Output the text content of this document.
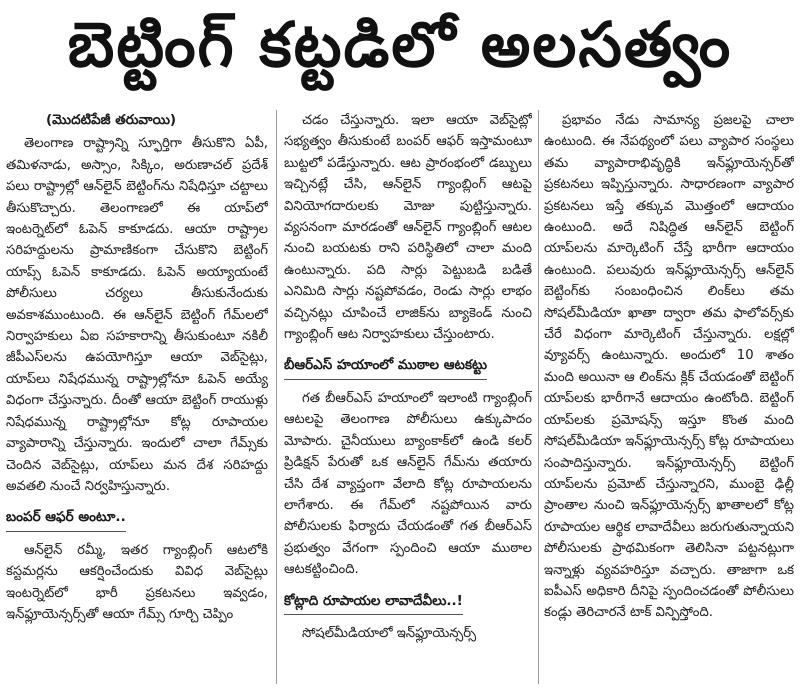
బెట్టింగ్ కట్టడిలో అలసత్వం
(మొదటిపేజీ తరువాయి)

తెలంగాణ రాష్ట్రాన్ని స్ఫూర్తిగా తీసుకొని ఏపీ, తమిళనాడు, అస్సాం, సిక్కిం, అరుణాచల్ ప్రదేశ్ పలు రాష్ట్రాల్లో ఆన్‌లైన్ బెట్టింగ్‌ను నిషేధిస్తూ చట్టాలు తీసుకొచ్చారు. తెలంగాణలో ఈ యాప్‌లో ఇంటర్నెట్‌లో ఓపెన్ కాకూడదు. ఆయా రాష్ట్రాల సరిహద్దులను ప్రామాణికంగా చేసుకొని బెట్టింగ్ యాప్స్ ఓపెన్ కాకూడదు. ఓపెన్ అయ్యాయంటే పోలీసులు చర్యలు తీసుకునేందుకు అవకాశముంటుంది. ఈ ఆన్‌లైన్ బెట్టింగ్ గేమ్‌లలో నిర్వాహకులు ఏఐ సహకారాన్ని తీసుకుంటూ నకిలీ జీపీఎస్‌లను ఉపయోగిస్తూ ఆయా వెబ్‌సైట్లు, యాప్‌లు నిషేధమున్న రాష్ట్రాల్లోనూ ఓపెన్ అయ్యే విధంగా చేస్తున్నారు. దీంతో ఆయా బెట్టింగ్ రాయుళ్లు నిషేధమున్న రాష్ట్రాల్లోనూ కోట్ల రూపాయల వ్యాపారాన్ని చేస్తున్నారు. ఇందులో చాలా గేమ్స్‌కు చెందిన వెబ్‌సైట్లు, యాప్‌లు మన దేశ సరిహద్దు అవతలి నుంచే నిర్వహిస్తున్నారు.

బంపర్ ఆఫర్ అంటూ..

ఆన్‌లైన్ రమ్మీ, ఇతర గ్యాంబ్లింగ్ ఆటలోకి కస్టమర్లను ఆకర్షించేందుకు వివిధ వెబ్‌సైట్లు ఇంటర్నెట్‌లో భారీ ప్రకటనలు ఇవ్వడం, ఇన్‌ఫ్లూయెన్సర్స్‌తో ఆయా గేమ్స్ గూర్చి చెప్పిం

చడం చేస్తున్నారు. ఇలా ఆయా వెబ్‌సైట్లో సభ్యత్వం తీసుకుంటే బంపర్ ఆఫర్ ఇస్తామంటూ బుట్టలో పడేస్తున్నారు. ఆట ప్రారంభంలో డబ్బులు ఇచ్చినట్లే చేసి, ఆన్‌లైన్ గ్యాంబ్లింగ్ ఆటపై వినియోగదారులకు మోజు పుట్టిస్తున్నారు. వ్యసనంగా మారడంతో ఆన్‌లైన్ గ్యాంబ్లింగ్ ఆటల నుంచి బయటకు రాని పరిస్థితిలో చాలా మంది ఉంటున్నారు. పది సార్లు పెట్టుబడి బడితే ఎనిమిది సార్లు నష్టపోవడం, రెండు సార్లు లాభం వచ్చినట్లు చూపించే లాజిక్‌ను బ్యాకెండ్ నుంచి గ్యాంబ్లింగ్ ఆట నిర్వాహకులు చేస్తుంటారు.

బీఆర్ఎస్ హయాంలో ముఠాల ఆటకట్టు

గత బీఆర్ఎస్ హయాంలో ఇలాంటి గ్యాంబ్లింగ్ ఆటలపై తెలంగాణ పోలీసులు ఉక్కుపాదం మోపారు. చైనీయులు బ్యాంకాక్‌లో ఉండి కలర్ ప్రిడిక్షన్ పేరుతో ఒక ఆన్‌లైన్ గేమ్‌ను తయారు చేసి దేశ వ్యాప్తంగా వేలాది కోట్ల రూపాయలను లాగేశారు. ఈ గేమ్‌లో నష్టపోయిన వారు పోలీసులకు ఫిర్యాదు చేయడంతో గత బీఆర్ఎస్ ప్రభుత్వం వేగంగా స్పందించి ఆయా ముఠాల ఆటకట్టించింది.

కోట్లాది రూపాయల లావాదేవీలు..!

సోషల్‌మీడియాలో ఇన్‌ఫ్లూయెన్సర్స్

ప్రభావం నేడు సామాన్య ప్రజలపై చాలా ఉంటుంది. ఈ నేపథ్యంలో పలు వ్యాపార సంస్థలు తమ వ్యాపారాభివృద్ధికి ఇన్‌ఫ్లూయెన్సర్‌తో ప్రకటనలు ఇప్పిస్తున్నారు. సాధారణంగా వ్యాపార ప్రకటనలు ఇస్తే తక్కువ మొత్తంలో ఆదాయం ఉంటుంది. అదే నిషిద్ధిత ఆన్‌లైన్ బెట్టింగ్ యాప్‌లను మార్కెటింగ్ చేస్తే భారీగా ఆదాయం ఉంటుంది. పలువురు ఇన్‌ఫ్లూయెన్సర్స్ ఆన్‌లైన్ బెట్టింగ్‌కు సంబంధించిన లింక్‌లు తమ సోషల్‌మీడియా ఖాతా ద్వారా తమ ఫాలోవర్స్‌కు చేరే విధంగా మార్కెటింగ్ చేస్తున్నారు. లక్షల్లో వ్యూవర్స్ ఉంటున్నారు. అందులో 10 శాతం మంది అయినా ఆ లింక్‌ను క్లిక్ చేయడంతో బెట్టింగ్ యాప్‌లకు భారీగానే ఆదాయం ఉంటోంది. బెట్టింగ్ యాప్‌లకు ప్రమోషన్స్ ఇస్తూ కొంత మంది సోషల్‌మీడియా ఇన్‌ఫ్లూయెన్సర్స్ కోట్ల రూపాయలు సంపాదిస్తున్నారు. ఇన్‌ఫ్లూయెన్సర్స్ బెట్టింగ్ యాప్‌లను ప్రమోట్ చేస్తున్నారని, ముంబై ఢిల్లీ ప్రాంతాల నుంచి ఇన్‌ఫ్లూయెన్సర్స్ ఖాతాలలో కోట్ల రూపాయల ఆర్థిక లావాదేవీలు జరుగుతున్నాయని పోలీసులకు ప్రాథమికంగా తెలిసినా పట్టనట్లుగా ఇన్నాళ్లు వ్యవహరిస్తూ వచ్చారు. తాజాగా ఒక ఐపీఎస్ అధికారి దీనిపై స్పందించడంతో పోలీసులు కండ్లు తెరిచారనే టాక్ విన్పిస్తోంది.
